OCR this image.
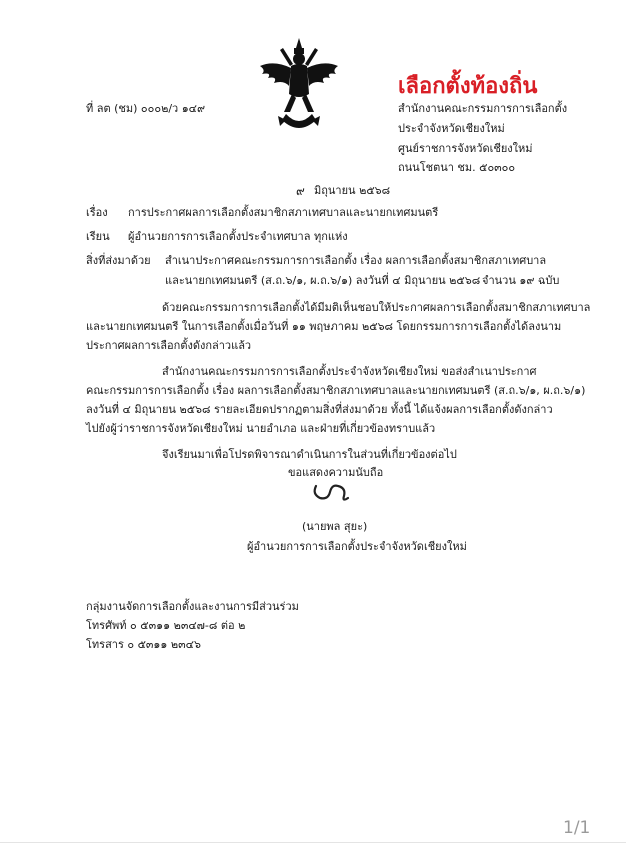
เลือกตั้งท้องถิ่น
ที่ ลต (ชม) ๐๐๐๒/ว ๑๔๙	สำนักงานคณะกรรมการการเลือกตั้ง
ประจำจังหวัดเชียงใหม่
ศูนย์ราชการจังหวัดเชียงใหม่
ถนนโชตนา ชม. ๕๐๓๐๐
๙ มิถุนายน ๒๕๖๘
เรื่อง การประกาศผลการเลือกตั้งสมาชิกสภาเทศบาลและนายกเทศมนตรี
เรียน ผู้อำนวยการการเลือกตั้งประจำเทศบาล ทุกแห่ง
สิ่งที่ส่งมาด้วย สำเนาประกาศคณะกรรมการการเลือกตั้ง เรื่อง ผลการเลือกตั้งสมาชิกสภาเทศบาล
และนายกเทศมนตรี (ส.ถ.๖/๑, ผ.ถ.๖/๑) ลงวันที่ ๔ มิถุนายน ๒๕๖๘ จำนวน ๑๙ ฉบับ
ด้วยคณะกรรมการการเลือกตั้งได้มีมติเห็นชอบให้ประกาศผลการเลือกตั้งสมาชิกสภาเทศบาล
และนายกเทศมนตรี ในการเลือกตั้งเมื่อวันที่ ๑๑ พฤษภาคม ๒๕๖๘ โดยกรรมการการเลือกตั้งได้ลงนาม
ประกาศผลการเลือกตั้งดังกล่าวแล้ว
สำนักงานคณะกรรมการการเลือกตั้งประจำจังหวัดเชียงใหม่ ขอส่งสำเนาประกาศ
คณะกรรมการการเลือกตั้ง เรื่อง ผลการเลือกตั้งสมาชิกสภาเทศบาลและนายกเทศมนตรี (ส.ถ.๖/๑, ผ.ถ.๖/๑)
ลงวันที่ ๔ มิถุนายน ๒๕๖๘ รายละเอียดปรากฏตามสิ่งที่ส่งมาด้วย ทั้งนี้ ได้แจ้งผลการเลือกตั้งดังกล่าว
ไปยังผู้ว่าราชการจังหวัดเชียงใหม่ นายอำเภอ และฝ่ายที่เกี่ยวข้องทราบแล้ว
จึงเรียนมาเพื่อโปรดพิจารณาดำเนินการในส่วนที่เกี่ยวข้องต่อไป
ขอแสดงความนับถือ
(นายพล สุยะ)
ผู้อำนวยการการเลือกตั้งประจำจังหวัดเชียงใหม่
กลุ่มงานจัดการเลือกตั้งและงานการมีส่วนร่วม
โทรศัพท์ ๐ ๕๓๑๑ ๒๓๔๗-๘ ต่อ ๒
โทรสาร ๐ ๕๓๑๑ ๒๓๔๖
1/1
